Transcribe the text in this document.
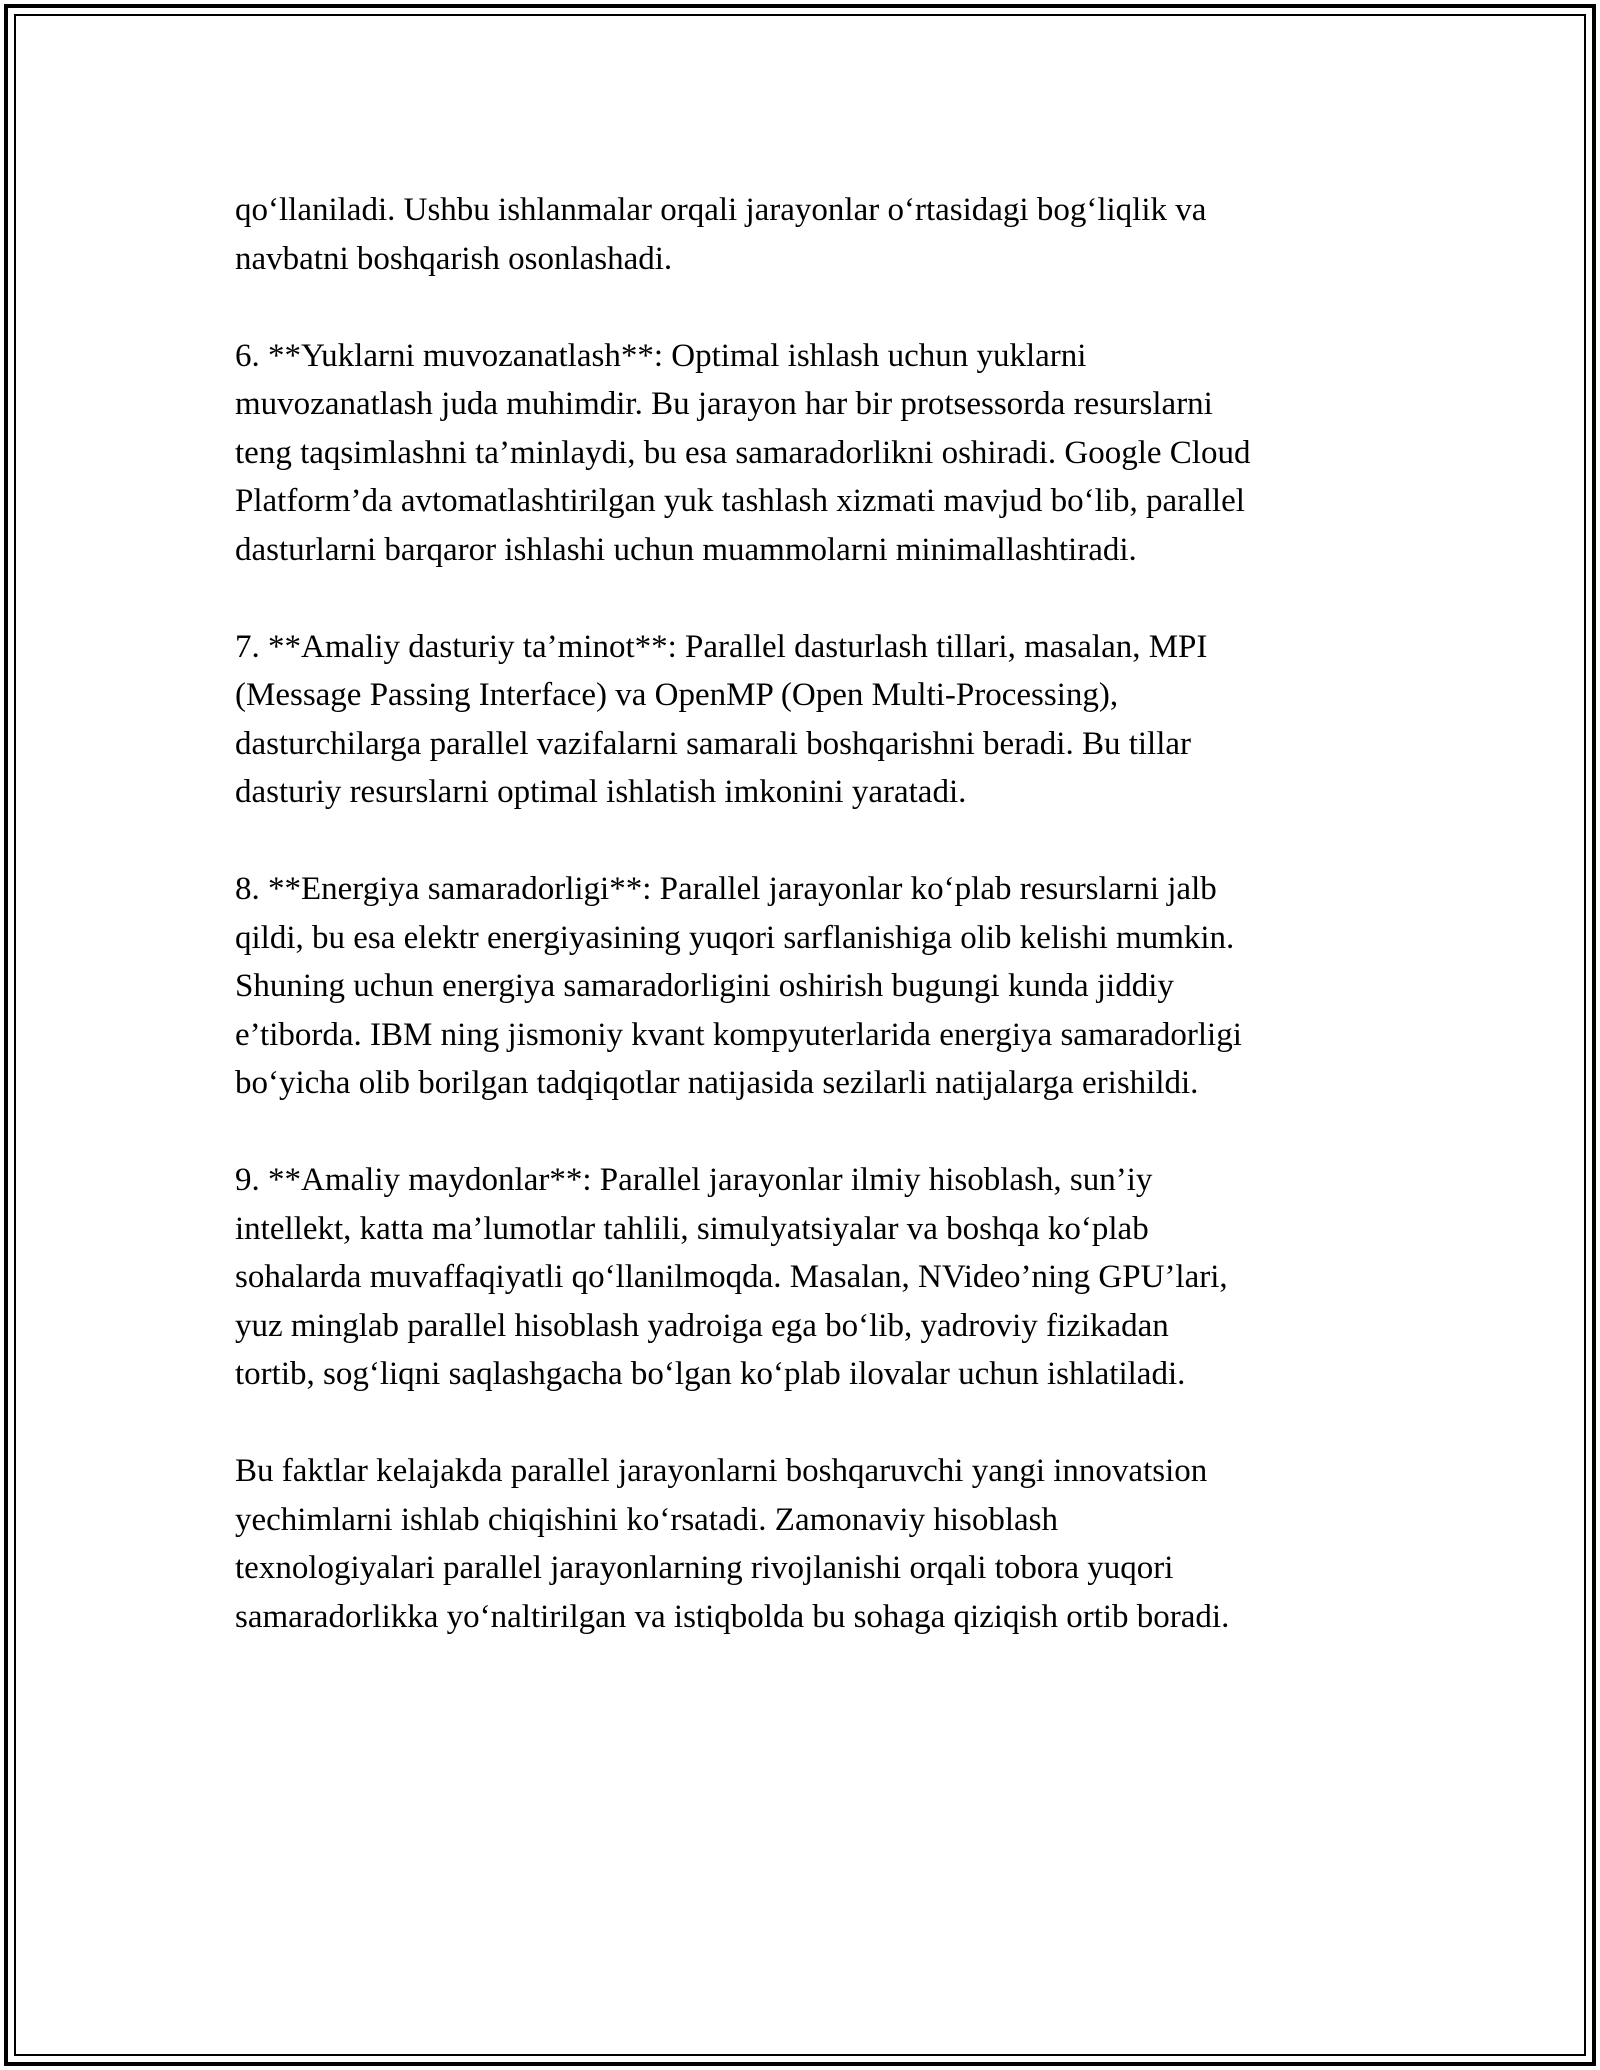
qo‘llaniladi. Ushbu ishlanmalar orqali jarayonlar o‘rtasidagi bog‘liqlik va
navbatni boshqarish osonlashadi.

6. **Yuklarni muvozanatlash**: Optimal ishlash uchun yuklarni
muvozanatlash juda muhimdir. Bu jarayon har bir protsessorda resurslarni
teng taqsimlashni ta’minlaydi, bu esa samaradorlikni oshiradi. Google Cloud
Platform’da avtomatlashtirilgan yuk tashlash xizmati mavjud bo‘lib, parallel
dasturlarni barqaror ishlashi uchun muammolarni minimallashtiradi.

7. **Amaliy dasturiy ta’minot**: Parallel dasturlash tillari, masalan, MPI
(Message Passing Interface) va OpenMP (Open Multi-Processing),
dasturchilarga parallel vazifalarni samarali boshqarishni beradi. Bu tillar
dasturiy resurslarni optimal ishlatish imkonini yaratadi.

8. **Energiya samaradorligi**: Parallel jarayonlar ko‘plab resurslarni jalb
qildi, bu esa elektr energiyasining yuqori sarflanishiga olib kelishi mumkin.
Shuning uchun energiya samaradorligini oshirish bugungi kunda jiddiy
e’tiborda. IBM ning jismoniy kvant kompyuterlarida energiya samaradorligi
bo‘yicha olib borilgan tadqiqotlar natijasida sezilarli natijalarga erishildi.

9. **Amaliy maydonlar**: Parallel jarayonlar ilmiy hisoblash, sun’iy
intellekt, katta ma’lumotlar tahlili, simulyatsiyalar va boshqa ko‘plab
sohalarda muvaffaqiyatli qo‘llanilmoqda. Masalan, NVideo’ning GPU’lari,
yuz minglab parallel hisoblash yadroiga ega bo‘lib, yadroviy fizikadan
tortib, sog‘liqni saqlashgacha bo‘lgan ko‘plab ilovalar uchun ishlatiladi.

Bu faktlar kelajakda parallel jarayonlarni boshqaruvchi yangi innovatsion
yechimlarni ishlab chiqishini ko‘rsatadi. Zamonaviy hisoblash
texnologiyalari parallel jarayonlarning rivojlanishi orqali tobora yuqori
samaradorlikka yo‘naltirilgan va istiqbolda bu sohaga qiziqish ortib boradi.
